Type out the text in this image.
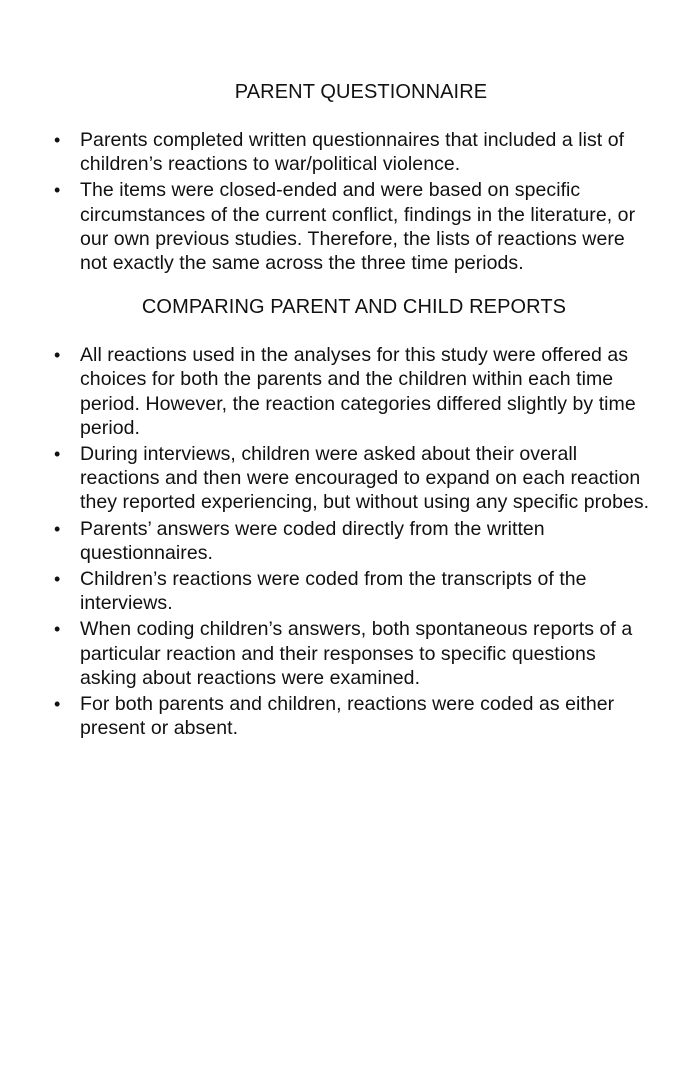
PARENT QUESTIONNAIRE
•	Parents completed written questionnaires that included a list of children’s reactions to war/political violence.
•	The items were closed-ended and were based on specific circumstances of the current conflict, findings in the literature, or our own previous studies. Therefore, the lists of reactions were not exactly the same across the three time periods.
COMPARING PARENT AND CHILD REPORTS
•	All reactions used in the analyses for this study were offered as choices for both the parents and the children within each time period. However, the reaction categories differed slightly by time period.
•	During interviews, children were asked about their overall reactions and then were encouraged to expand on each reaction they reported experiencing, but without using any specific probes.
•	Parents’ answers were coded directly from the written questionnaires.
•	Children’s reactions were coded from the transcripts of the interviews.
•	When coding children’s answers, both spontaneous reports of a particular reaction and their responses to specific questions asking about reactions were examined.
•	For both parents and children, reactions were coded as either present or absent.
